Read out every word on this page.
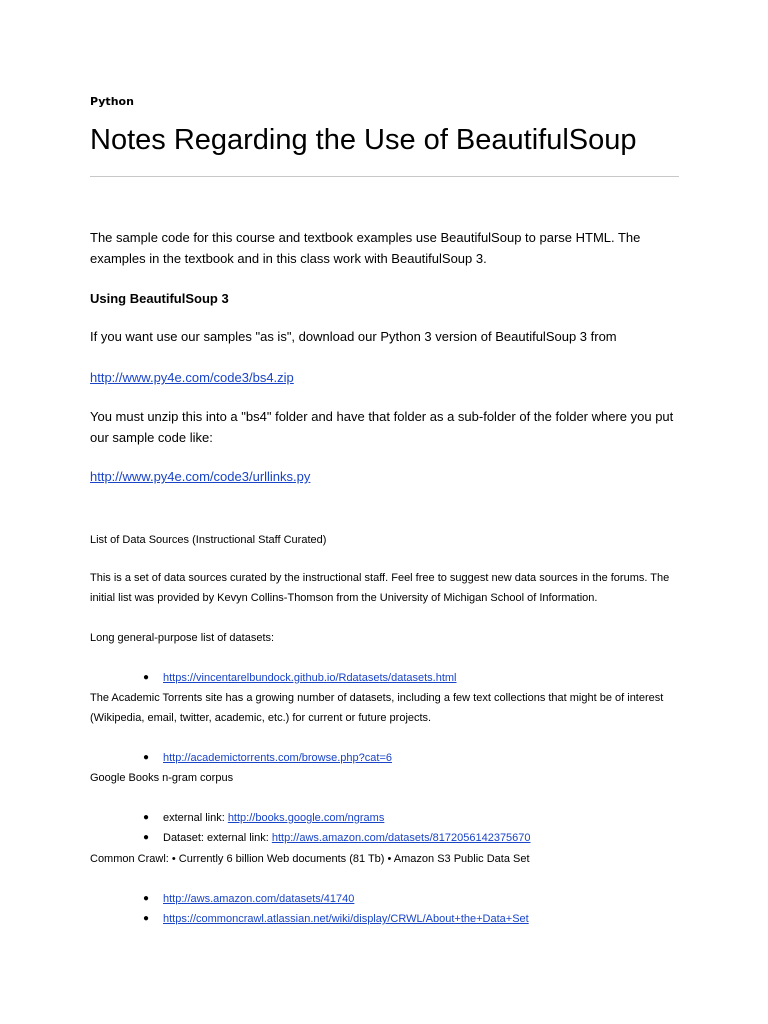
Python
Notes Regarding the Use of BeautifulSoup
The sample code for this course and textbook examples use BeautifulSoup to parse HTML. The examples in the textbook and in this class work with BeautifulSoup 3.
Using BeautifulSoup 3
If you want use our samples "as is", download our Python 3 version of BeautifulSoup 3 from
http://www.py4e.com/code3/bs4.zip
You must unzip this into a "bs4" folder and have that folder as a sub-folder of the folder where you put our sample code like:
http://www.py4e.com/code3/urllinks.py
List of Data Sources (Instructional Staff Curated)
This is a set of data sources curated by the instructional staff. Feel free to suggest new data sources in the forums. The initial list was provided by Kevyn Collins-Thomson from the University of Michigan School of Information.
Long general-purpose list of datasets:
● https://vincentarelbundock.github.io/Rdatasets/datasets.html
The Academic Torrents site has a growing number of datasets, including a few text collections that might be of interest (Wikipedia, email, twitter, academic, etc.) for current or future projects.
● http://academictorrents.com/browse.php?cat=6
Google Books n-gram corpus
● external link: http://books.google.com/ngrams
● Dataset: external link: http://aws.amazon.com/datasets/8172056142375670
Common Crawl: • Currently 6 billion Web documents (81 Tb) • Amazon S3 Public Data Set
● http://aws.amazon.com/datasets/41740
● https://commoncrawl.atlassian.net/wiki/display/CRWL/About+the+Data+Set
